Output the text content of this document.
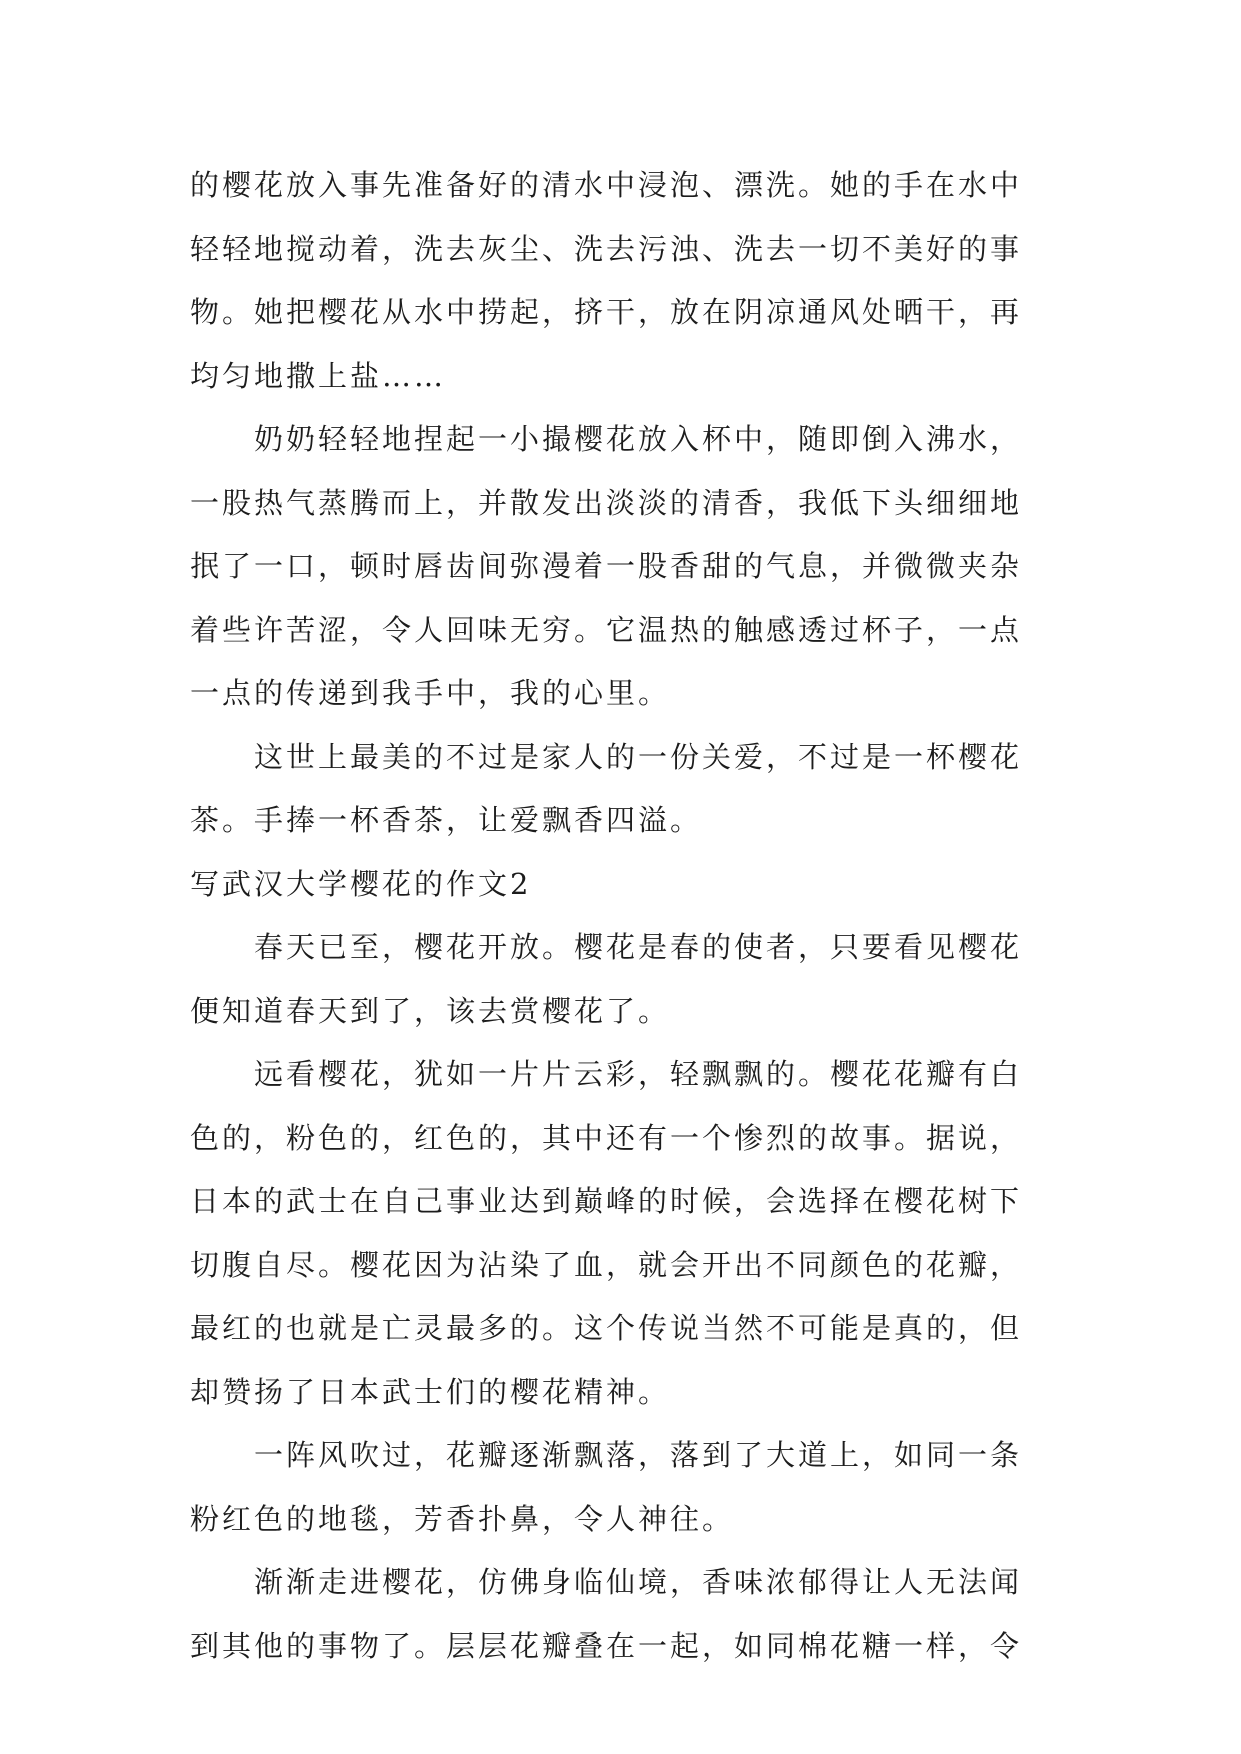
的樱花放入事先准备好的清水中浸泡、漂洗。她的手在水中
轻轻地搅动着，洗去灰尘、洗去污浊、洗去一切不美好的事
物。她把樱花从水中捞起，挤干，放在阴凉通风处晒干，再
均匀地撒上盐……
奶奶轻轻地捏起一小撮樱花放入杯中，随即倒入沸水，
一股热气蒸腾而上，并散发出淡淡的清香，我低下头细细地
抿了一口，顿时唇齿间弥漫着一股香甜的气息，并微微夹杂
着些许苦涩，令人回味无穷。它温热的触感透过杯子，一点
一点的传递到我手中，我的心里。
这世上最美的不过是家人的一份关爱，不过是一杯樱花
茶。手捧一杯香茶，让爱飘香四溢。
写武汉大学樱花的作文2
春天已至，樱花开放。樱花是春的使者，只要看见樱花
便知道春天到了，该去赏樱花了。
远看樱花，犹如一片片云彩，轻飘飘的。樱花花瓣有白
色的，粉色的，红色的，其中还有一个惨烈的故事。据说，
日本的武士在自己事业达到巅峰的时候，会选择在樱花树下
切腹自尽。樱花因为沾染了血，就会开出不同颜色的花瓣，
最红的也就是亡灵最多的。这个传说当然不可能是真的，但
却赞扬了日本武士们的樱花精神。
一阵风吹过，花瓣逐渐飘落，落到了大道上，如同一条
粉红色的地毯，芳香扑鼻，令人神往。
渐渐走进樱花，仿佛身临仙境，香味浓郁得让人无法闻
到其他的事物了。层层花瓣叠在一起，如同棉花糖一样，令
